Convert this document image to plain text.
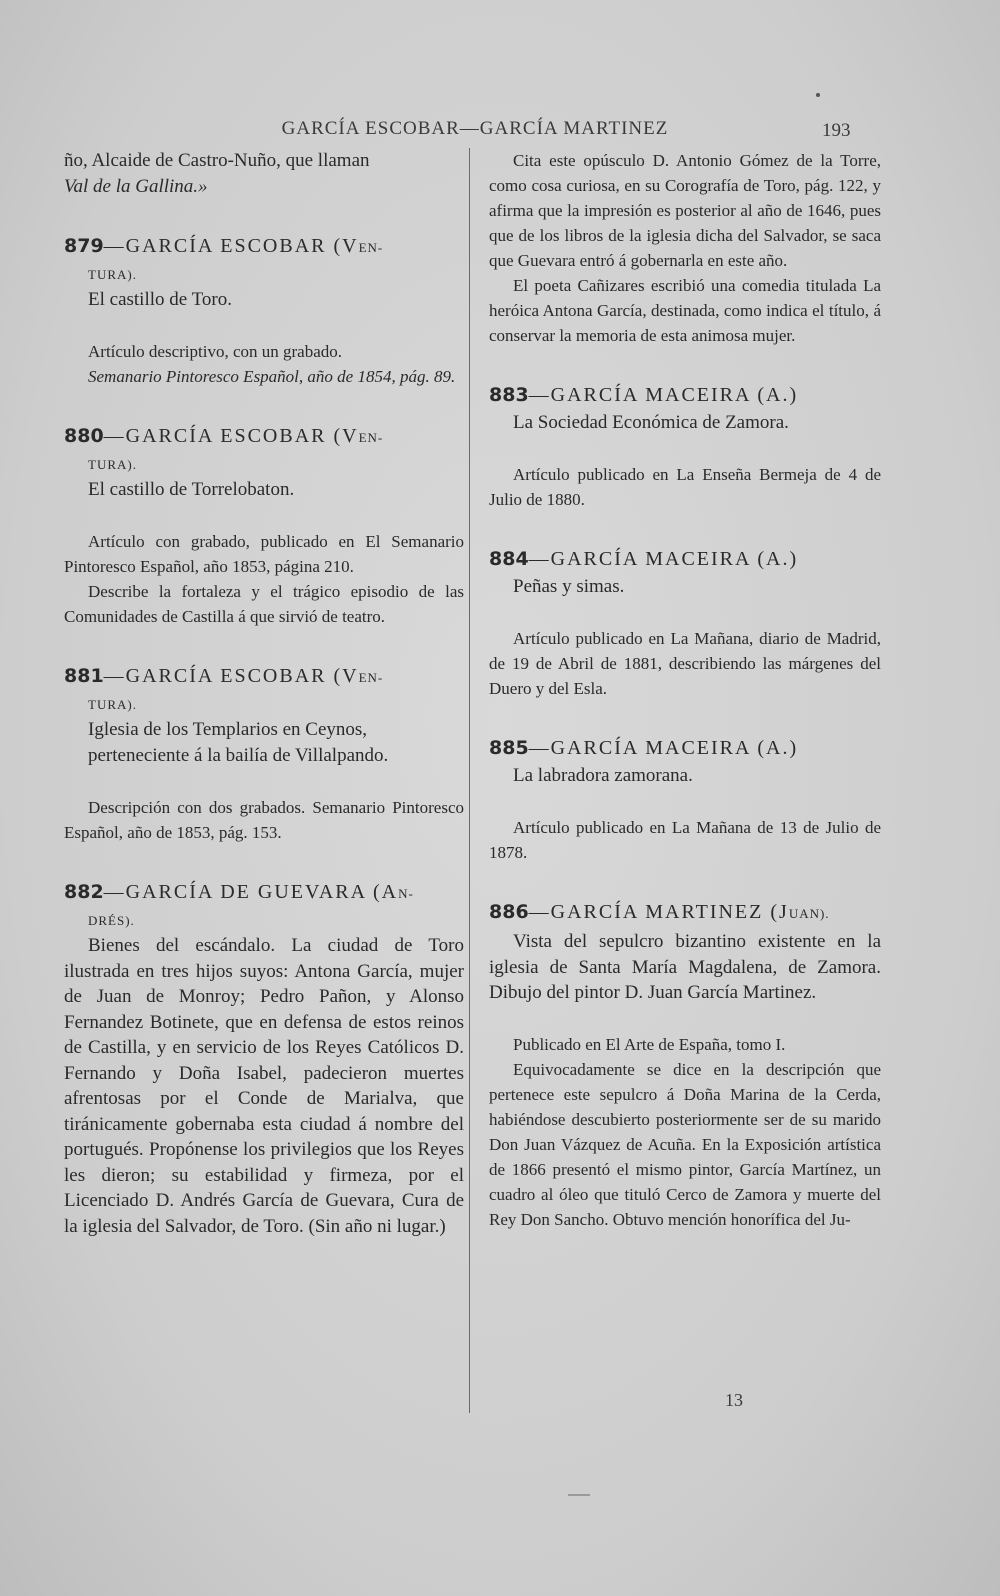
GARCÍA ESCOBAR—GARCÍA MARTINEZ	193
ño, Alcaide de Castro-Nuño, que llaman
Val de la Gallina.»
879—GARCÍA ESCOBAR (VEN-
TURA).
El castillo de Toro.

Artículo descriptivo, con un grabado.

Semanario Pintoresco Español, año de 1854, pág. 89.

880—GARCÍA ESCOBAR (VEN-
TURA).
El castillo de Torrelobaton.

Artículo con grabado, publicado en El Semanario Pintoresco Español, año 1853, página 210.

Describe la fortaleza y el trágico episodio de las Comunidades de Castilla á que sirvió de teatro.

881—GARCÍA ESCOBAR (VEN-
TURA).
Iglesia de los Templarios en Ceynos, perteneciente á la bailía de Villalpando.

Descripción con dos grabados. Semanario Pintoresco Español, año de 1853, pág. 153.

882—GARCÍA DE GUEVARA (AN-
DRÉS).

Bienes del escándalo. La ciudad de Toro ilustrada en tres hijos suyos: Antona García, mujer de Juan de Monroy; Pedro Pañon, y Alonso Fernandez Botinete, que en defensa de estos reinos de Castilla, y en servicio de los Reyes Católicos D. Fernando y Doña Isabel, padecieron muertes afrentosas por el Conde de Marialva, que tiránicamente gobernaba esta ciudad á nombre del portugués. Propónense los privilegios que los Reyes les dieron; su estabilidad y firmeza, por el Licenciado D. Andrés García de Guevara, Cura de la iglesia del Salvador, de Toro. (Sin año ni lugar.)

Cita este opúsculo D. Antonio Gómez de la Torre, como cosa curiosa, en su Corografía de Toro, pág. 122, y afirma que la impresión es posterior al año de 1646, pues que de los libros de la iglesia dicha del Salvador, se saca que Guevara entró á gobernarla en este año.

El poeta Cañizares escribió una comedia titulada La heróica Antona García, destinada, como indica el título, á conservar la memoria de esta animosa mujer.

883—GARCÍA MACEIRA (A.)
La Sociedad Económica de Zamora.

Artículo publicado en La Enseña Bermeja de 4 de Julio de 1880.

884—GARCÍA MACEIRA (A.)
Peñas y simas.

Artículo publicado en La Mañana, diario de Madrid, de 19 de Abril de 1881, describiendo las márgenes del Duero y del Esla.

885—GARCÍA MACEIRA (A.)
La labradora zamorana.

Artículo publicado en La Mañana de 13 de Julio de 1878.

886—GARCÍA MARTINEZ (JUAN).

Vista del sepulcro bizantino existente en la iglesia de Santa María Magdalena, de Zamora. Dibujo del pintor D. Juan García Martinez.

Publicado en El Arte de España, tomo I.

Equivocadamente se dice en la descripción que pertenece este sepulcro á Doña Marina de la Cerda, habiéndose descubierto posteriormente ser de su marido Don Juan Vázquez de Acuña. En la Exposición artística de 1866 presentó el mismo pintor, García Martínez, un cuadro al óleo que tituló Cerco de Zamora y muerte del Rey Don Sancho. Obtuvo mención honorífica del Ju-

13
